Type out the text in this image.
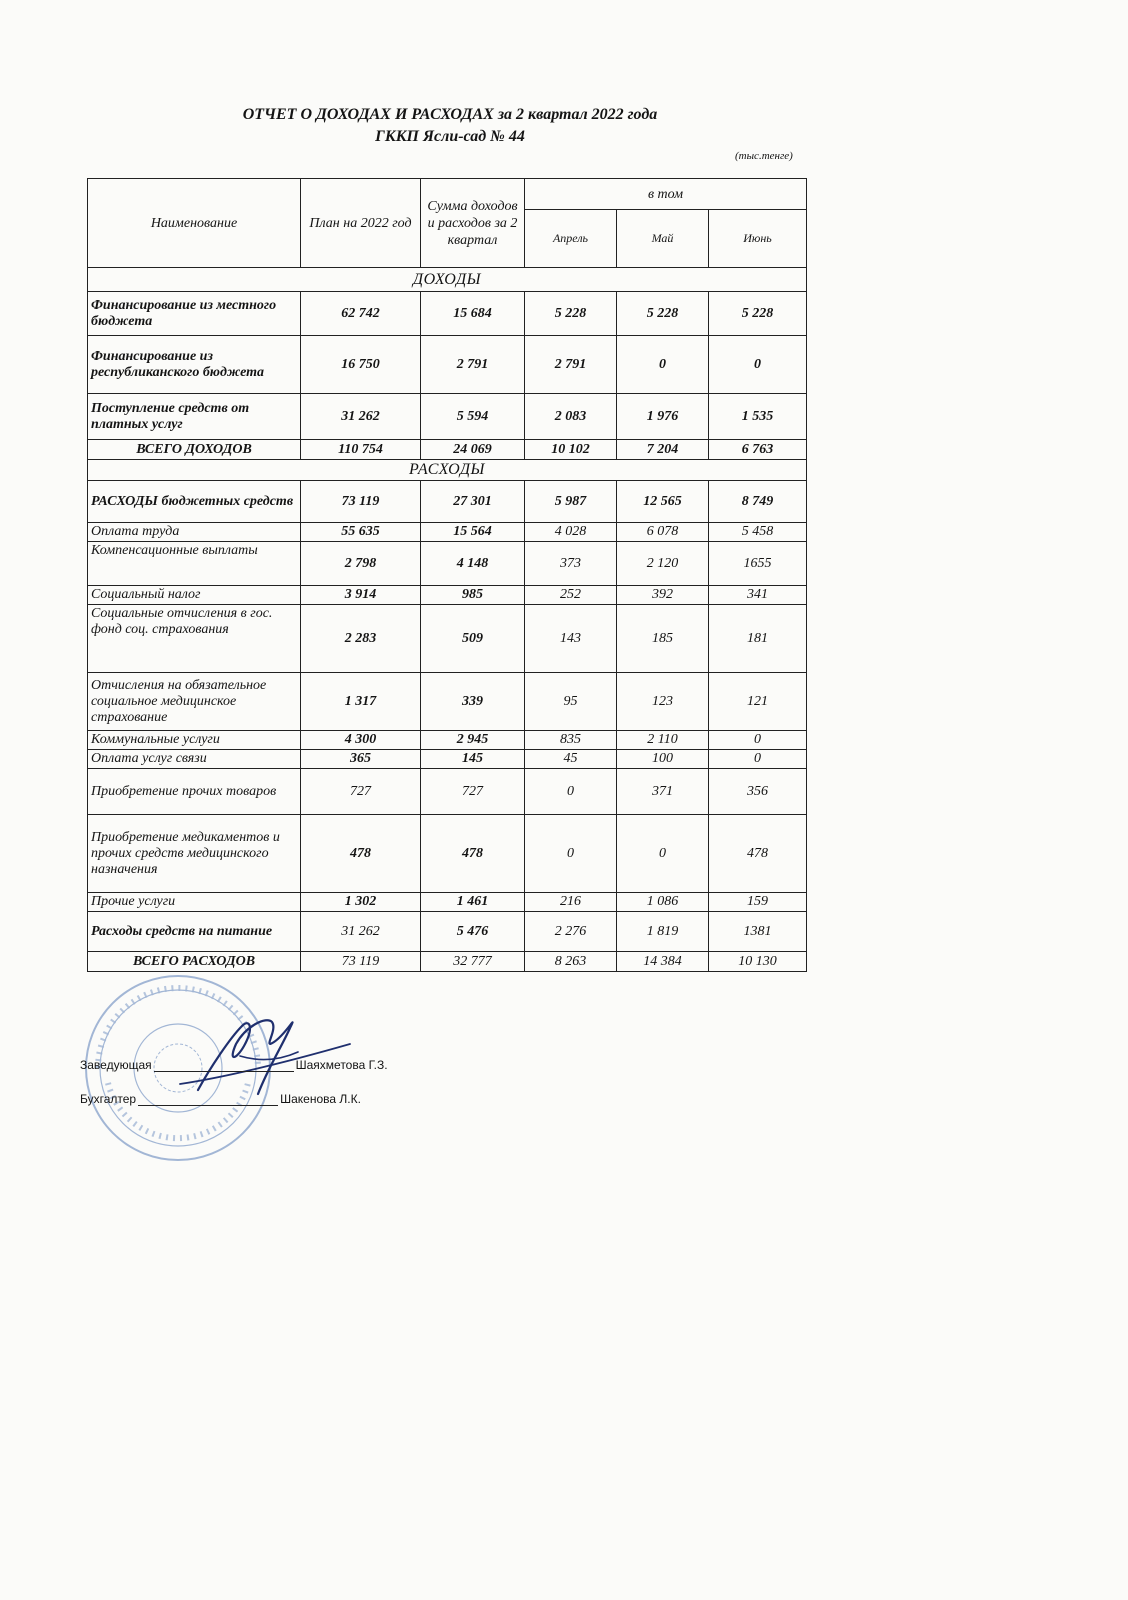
ОТЧЕТ О ДОХОДАХ И РАСХОДАХ за 2 квартал 2022 года
ГККП Ясли-сад № 44
(тыс.тенге)
Наименование	План на 2022 год	Сумма доходов и расходов за 2 квартал	в том		
			Апрель	Май	Июнь
ДОХОДЫ					
Финансирование из местного бюджета	62 742	15 684	5 228	5 228	5 228
Финансирование из республиканского бюджета	16 750	2 791	2 791	0	0
Поступление средств от платных услуг	31 262	5 594	2 083	1 976	1 535
ВСЕГО ДОХОДОВ	110 754	24 069	10 102	7 204	6 763
РАСХОДЫ					
РАСХОДЫ бюджетных средств	73 119	27 301	5 987	12 565	8 749
Оплата труда	55 635	15 564	4 028	6 078	5 458
Компенсационные выплаты	2 798	4 148	373	2 120	1655
Социальный налог	3 914	985	252	392	341
Социальные отчисления в гос. фонд соц. страхования	2 283	509	143	185	181
Отчисления на обязательное социальное медицинское страхование	1 317	339	95	123	121
Коммунальные услуги	4 300	2 945	835	2 110	0
Оплата услуг связи	365	145	45	100	0
Приобретение прочих товаров	727	727	0	371	356
Приобретение медикаментов и прочих средств медицинского назначения	478	478	0	0	478
Прочие услуги	1 302	1 461	216	1 086	159
Расходы средств на питание	31 262	5 476	2 276	1 819	1381
ВСЕГО РАСХОДОВ	73 119	32 777	8 263	14 384	10 130
Заведующая	Шаяхметова Г.З.
Бухгалтер	Шакенова Л.К.
